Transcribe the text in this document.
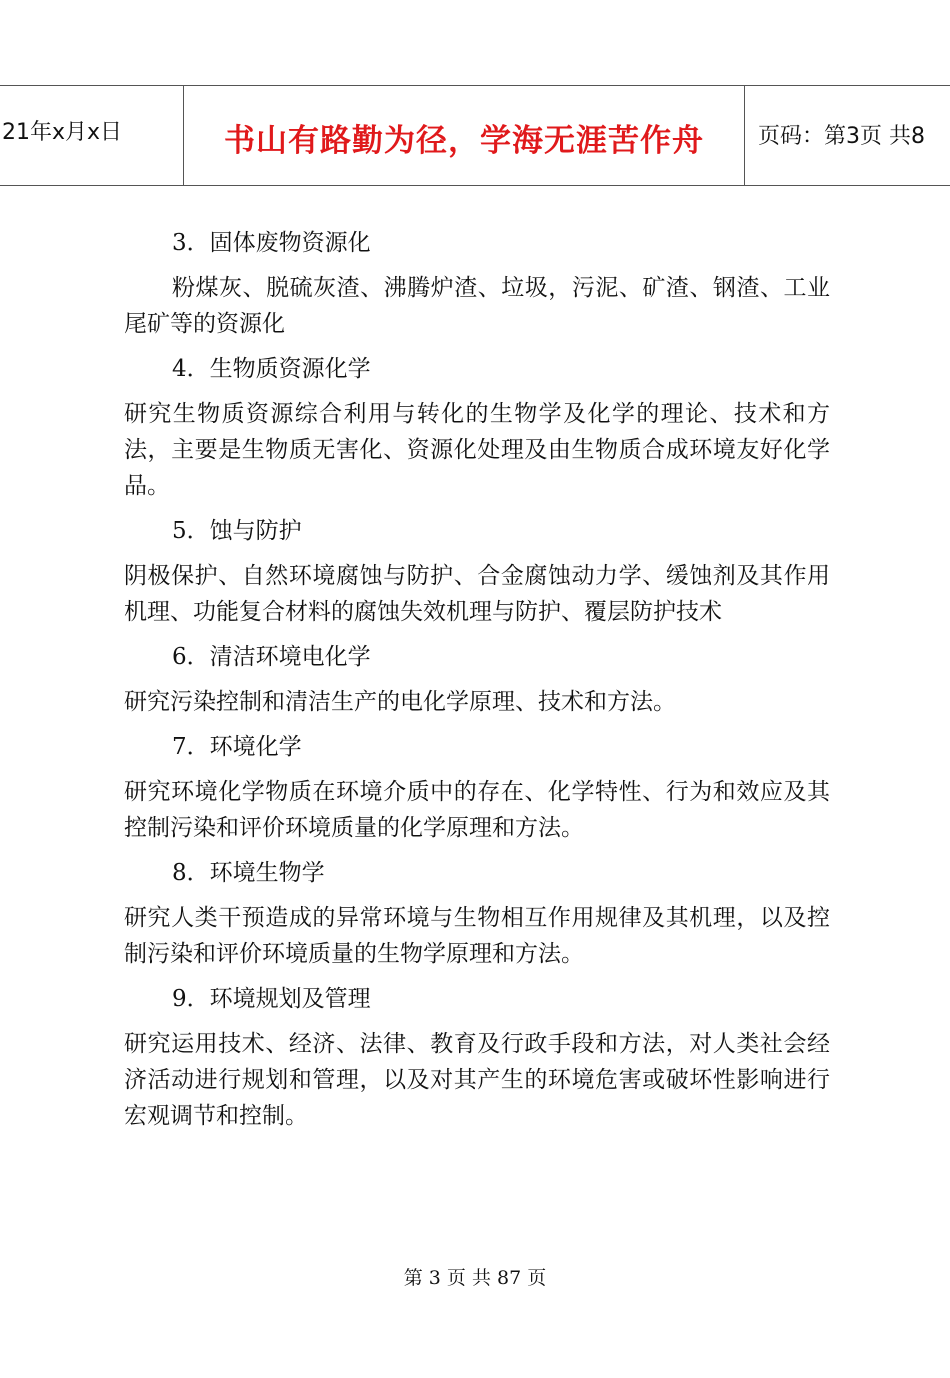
21年x月x日	书山有路勤为径，学海无涯苦作舟	页码：第3页 共8
3．固体废物资源化
粉煤灰、脱硫灰渣、沸腾炉渣、垃圾，污泥、矿渣、钢渣、工业尾矿等的资源化
4．生物质资源化学
研究生物质资源综合利用与转化的生物学及化学的理论、技术和方法，主要是生物质无害化、资源化处理及由生物质合成环境友好化学品。
5．蚀与防护
阴极保护、自然环境腐蚀与防护、合金腐蚀动力学、缓蚀剂及其作用机理、功能复合材料的腐蚀失效机理与防护、覆层防护技术
6．清洁环境电化学
研究污染控制和清洁生产的电化学原理、技术和方法。
7．环境化学
研究环境化学物质在环境介质中的存在、化学特性、行为和效应及其控制污染和评价环境质量的化学原理和方法。
8．环境生物学
研究人类干预造成的异常环境与生物相互作用规律及其机理，以及控制污染和评价环境质量的生物学原理和方法。
9．环境规划及管理
研究运用技术、经济、法律、教育及行政手段和方法，对人类社会经济活动进行规划和管理，以及对其产生的环境危害或破坏性影响进行宏观调节和控制。
第 3 页 共 87 页
